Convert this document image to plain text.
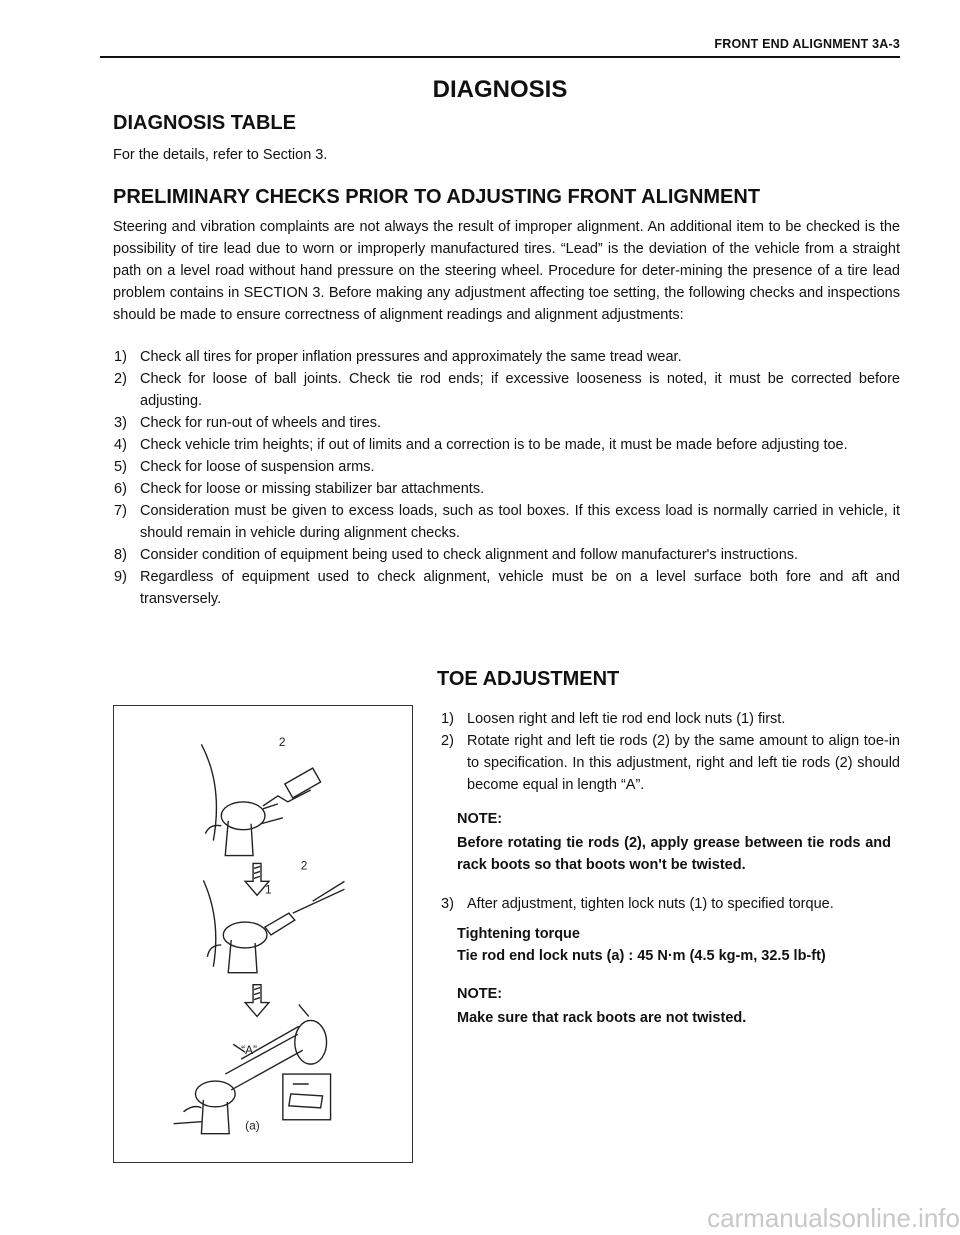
FRONT END ALIGNMENT 3A-3
DIAGNOSIS
DIAGNOSIS TABLE
For the details, refer to Section 3.
PRELIMINARY CHECKS PRIOR TO ADJUSTING FRONT ALIGNMENT
Steering and vibration complaints are not always the result of improper alignment. An additional item to be checked is the possibility of tire lead due to worn or improperly manufactured tires. “Lead” is the deviation of the vehicle from a straight path on a level road without hand pressure on the steering wheel. Procedure for deter-mining the presence of a tire lead problem contains in SECTION 3. Before making any adjustment affecting toe setting, the following checks and inspections should be made to ensure correctness of alignment readings and alignment adjustments:
1) Check all tires for proper inflation pressures and approximately the same tread wear.
2) Check for loose of ball joints. Check tie rod ends; if excessive looseness is noted, it must be corrected before adjusting.
3) Check for run-out of wheels and tires.
4) Check vehicle trim heights; if out of limits and a correction is to be made, it must be made before adjusting toe.
5) Check for loose of suspension arms.
6) Check for loose or missing stabilizer bar attachments.
7) Consideration must be given to excess loads, such as tool boxes. If this excess load is normally carried in vehicle, it should remain in vehicle during alignment checks.
8) Consider condition of equipment being used to check alignment and follow manufacturer's instructions.
9) Regardless of equipment used to check alignment, vehicle must be on a level surface both fore and aft and transversely.
TOE ADJUSTMENT
2
2
1
“A”
(a)
1) Loosen right and left tie rod end lock nuts (1) first.
2) Rotate right and left tie rods (2) by the same amount to align toe-in to specification. In this adjustment, right and left tie rods (2) should become equal in length “A”.
NOTE:
Before rotating tie rods (2), apply grease between tie rods and rack boots so that boots won't be twisted.
3) After adjustment, tighten lock nuts (1) to specified torque.
Tightening torque
Tie rod end lock nuts (a) : 45 N·m (4.5 kg-m, 32.5 lb-ft)
NOTE:
Make sure that rack boots are not twisted.
carmanualsonline.info
